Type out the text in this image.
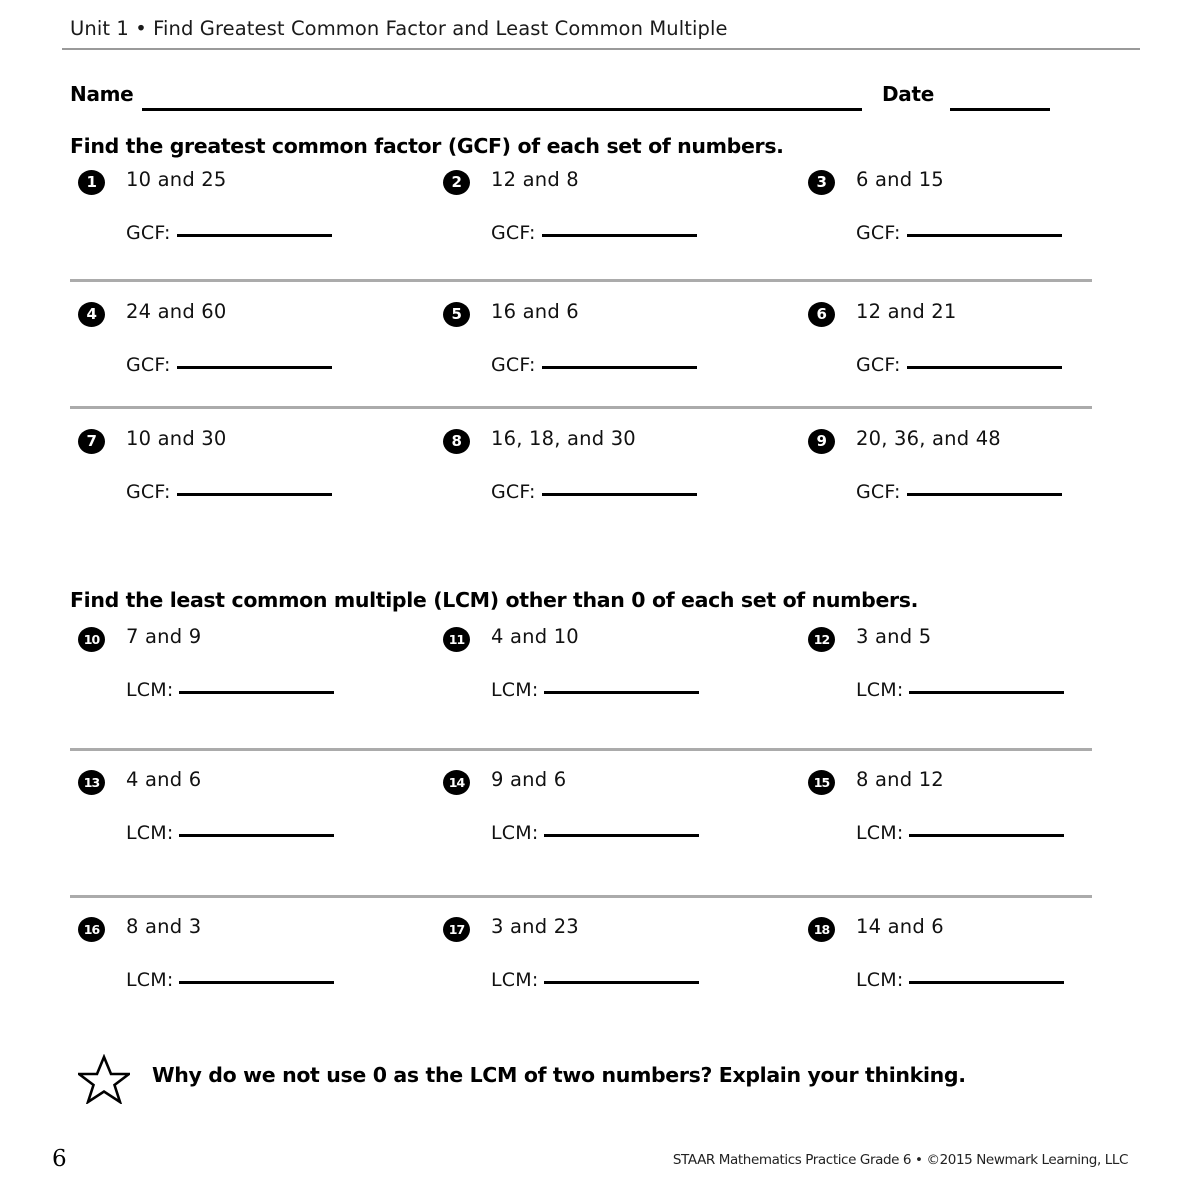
Unit 1 • Find Greatest Common Factor and Least Common Multiple
Name	Date
Find the greatest common factor (GCF) of each set of numbers.
Find the least common multiple (LCM) other than 0 of each set of numbers.
1	10 and 25
GCF:
2	12 and 8
GCF:
3	6 and 15
GCF:
4	24 and 60
GCF:
5	16 and 6
GCF:
6	12 and 21
GCF:
7	10 and 30
GCF:
8	16, 18, and 30
GCF:
9	20, 36, and 48
GCF:
10 7 and 9
LCM:
11 4 and 10
LCM:
12 3 and 5
LCM:
13 4 and 6
LCM:
14 9 and 6
LCM:
15 8 and 12
LCM:
16 8 and 3
LCM:
17 3 and 23
LCM:
18 14 and 6
LCM:
Why do we not use 0 as the LCM of two numbers? Explain your thinking.
6	STAAR Mathematics Practice Grade 6 • ©2015 Newmark Learning, LLC
